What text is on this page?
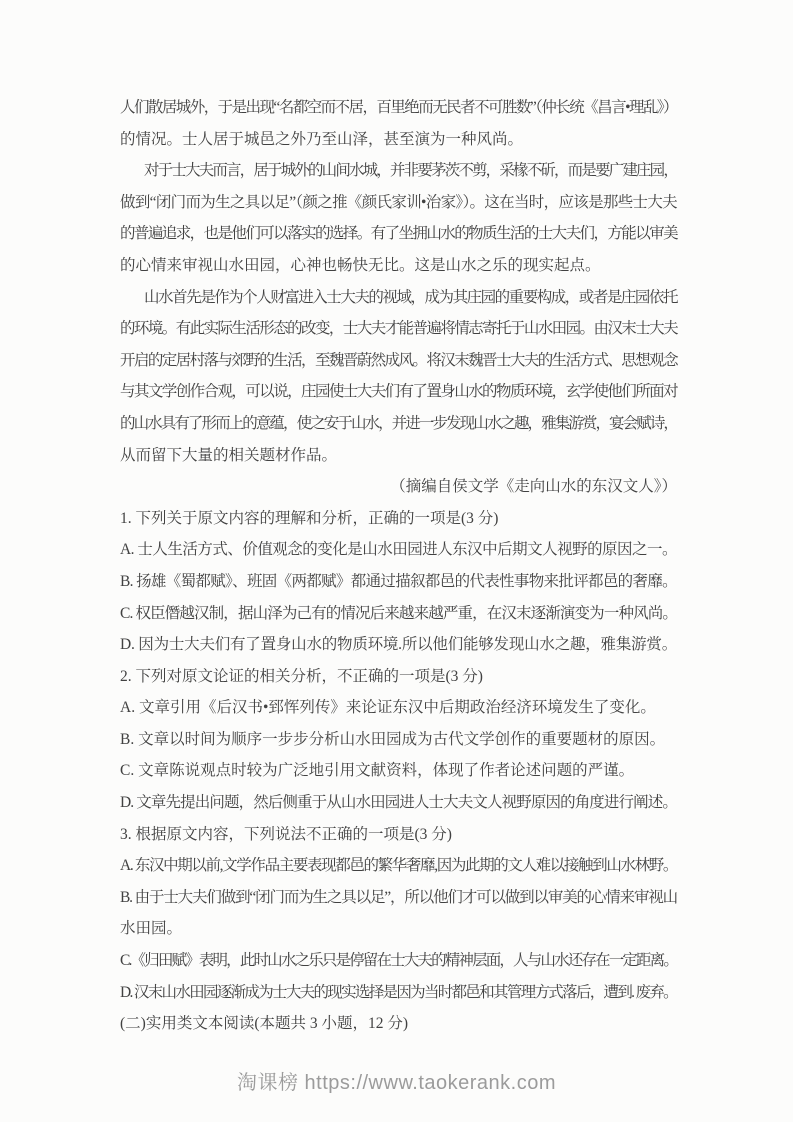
人们散居城外，于是出现“名都空而不居，百里绝而无民者不可胜数”（仲长统《昌言•理乱》）
的情况。士人居于城邑之外乃至山泽，甚至演为一种风尚。
对于士大夫而言，居于城外的山间水城，并非要茅茨不剪，采椽不斫，而是要广建庄园，
做到“闭门而为生之具以足”（颜之推《颜氏家训•治家》）。这在当时，应该是那些士大夫
的普遍追求，也是他们可以落实的选择。有了坐拥山水的物质生活的士大夫们，方能以审美
的心情来审视山水田园，心神也畅快无比。这是山水之乐的现实起点。
山水首先是作为个人财富进入士大夫的视域，成为其庄园的重要构成，或者是庄园依托
的环境。有此实际生活形态的改变，士大夫才能普遍将情志寄托于山水田园。由汉末士大夫
开启的定居村落与郊野的生活，至魏晋蔚然成风。将汉末魏晋士大夫的生活方式、思想观念
与其文学创作合观，可以说，庄园使士大夫们有了置身山水的物质环境，玄学使他们所面对
的山水具有了形而上的意蕴，使之安于山水，并进一步发现山水之趣，雅集游赏，宴会赋诗，
从而留下大量的相关题材作品。
（摘编自侯文学《走向山水的东汉文人》）
1. 下列关于原文内容的理解和分析，正确的一项是(3 分)
A. 士人生活方式、价值观念的变化是山水田园进人东汉中后期文人视野的原因之一。
B. 扬雄《蜀都赋》、班固《两都赋》都通过描叙都邑的代表性事物来批评都邑的奢靡。
C. 权臣僭越汉制，据山泽为己有的情况后来越来越严重，在汉末逐渐演变为一种风尚。
D. 因为士大夫们有了置身山水的物质环境.所以他们能够发现山水之趣，雅集游赏。
2. 下列对原文论证的相关分析，不正确的一项是(3 分)
A. 文章引用《后汉书•郅恽列传》来论证东汉中后期政治经济环境发生了变化。
B. 文章以时间为顺序一步步分析山水田园成为古代文学创作的重要题材的原因。
C. 文章陈说观点时较为广泛地引用文献资料，体现了作者论述问题的严谨。
D. 文章先提出问题，然后侧重于从山水田园进人士大夫文人视野原因的角度进行阐述。
3. 根据原文内容，下列说法不正确的一项是(3 分)
A. 东汉中期以前,文学作品主要表现都邑的繁华奢靡,因为此期的文人难以接触到山水林野。
B. 由于士大夫们做到“闭门而为生之具以足”，所以他们才可以做到以审美的心情来审视山
水田园。
C.《归田赋》表明，此时山水之乐只是停留在士大夫的精神层面，人与山水还存在一定距离。
D. 汉末山水田园逐渐成为士大夫的现实选择是因为当时都邑和其管理方式落后，遭到. 废弃。
(二)实用类文本阅读(本题共 3 小题，12 分)
淘课榜 https://www.taokerank.com
